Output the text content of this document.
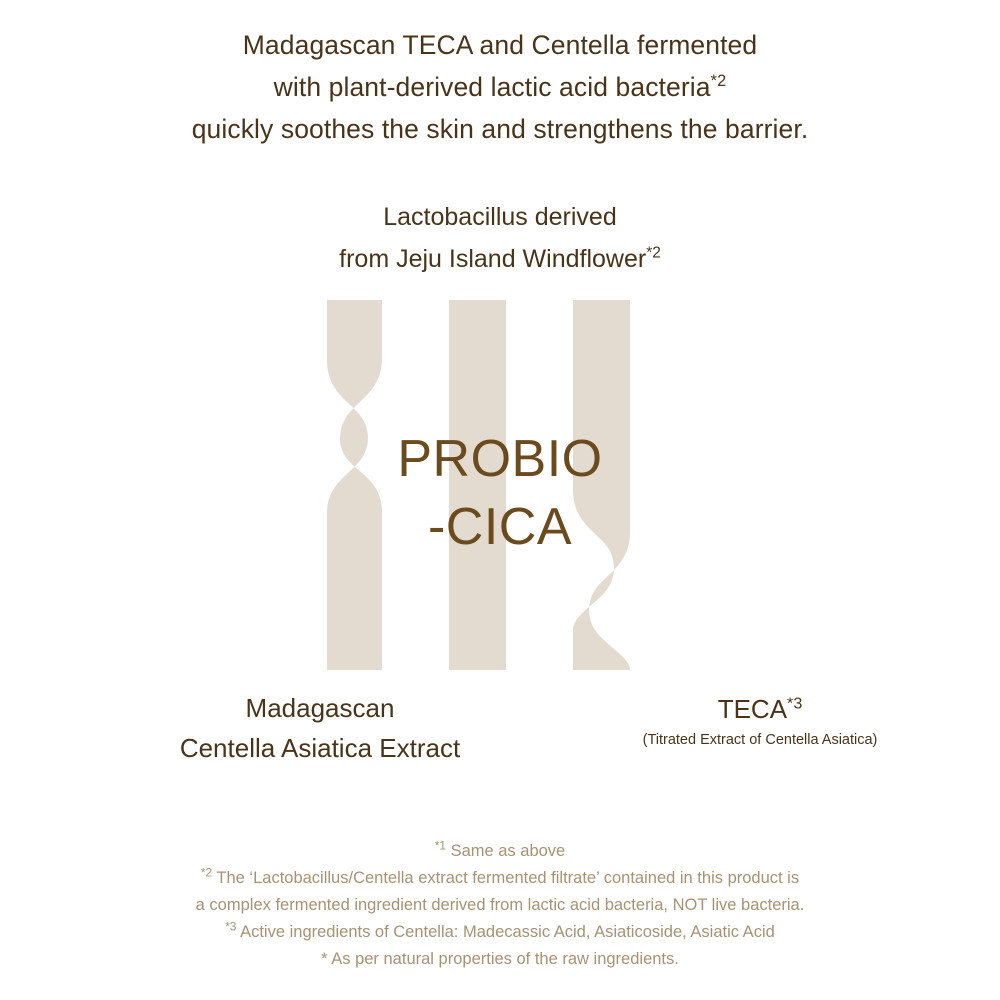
Madagascan TECA and Centella fermented
with plant-derived lactic acid bacteria$^{*2}$
quickly soothes the skin and strengthens the barrier.
Lactobacillus derived
from Jeju Island Windflower$^{*2}$
PROBIO
-CICA
Madagascan
Centella Asiatica Extract
TECA$^{*3}$
(Titrated Extract of Centella Asiatica)
$^{*1}$ Same as above
$^{*2}$ The ‘Lactobacillus/Centella extract fermented filtrate’ contained in this product is
a complex fermented ingredient derived from lactic acid bacteria, NOT live bacteria.
$^{*3}$ Active ingredients of Centella: Madecassic Acid, Asiaticoside, Asiatic Acid
* As per natural properties of the raw ingredients.
